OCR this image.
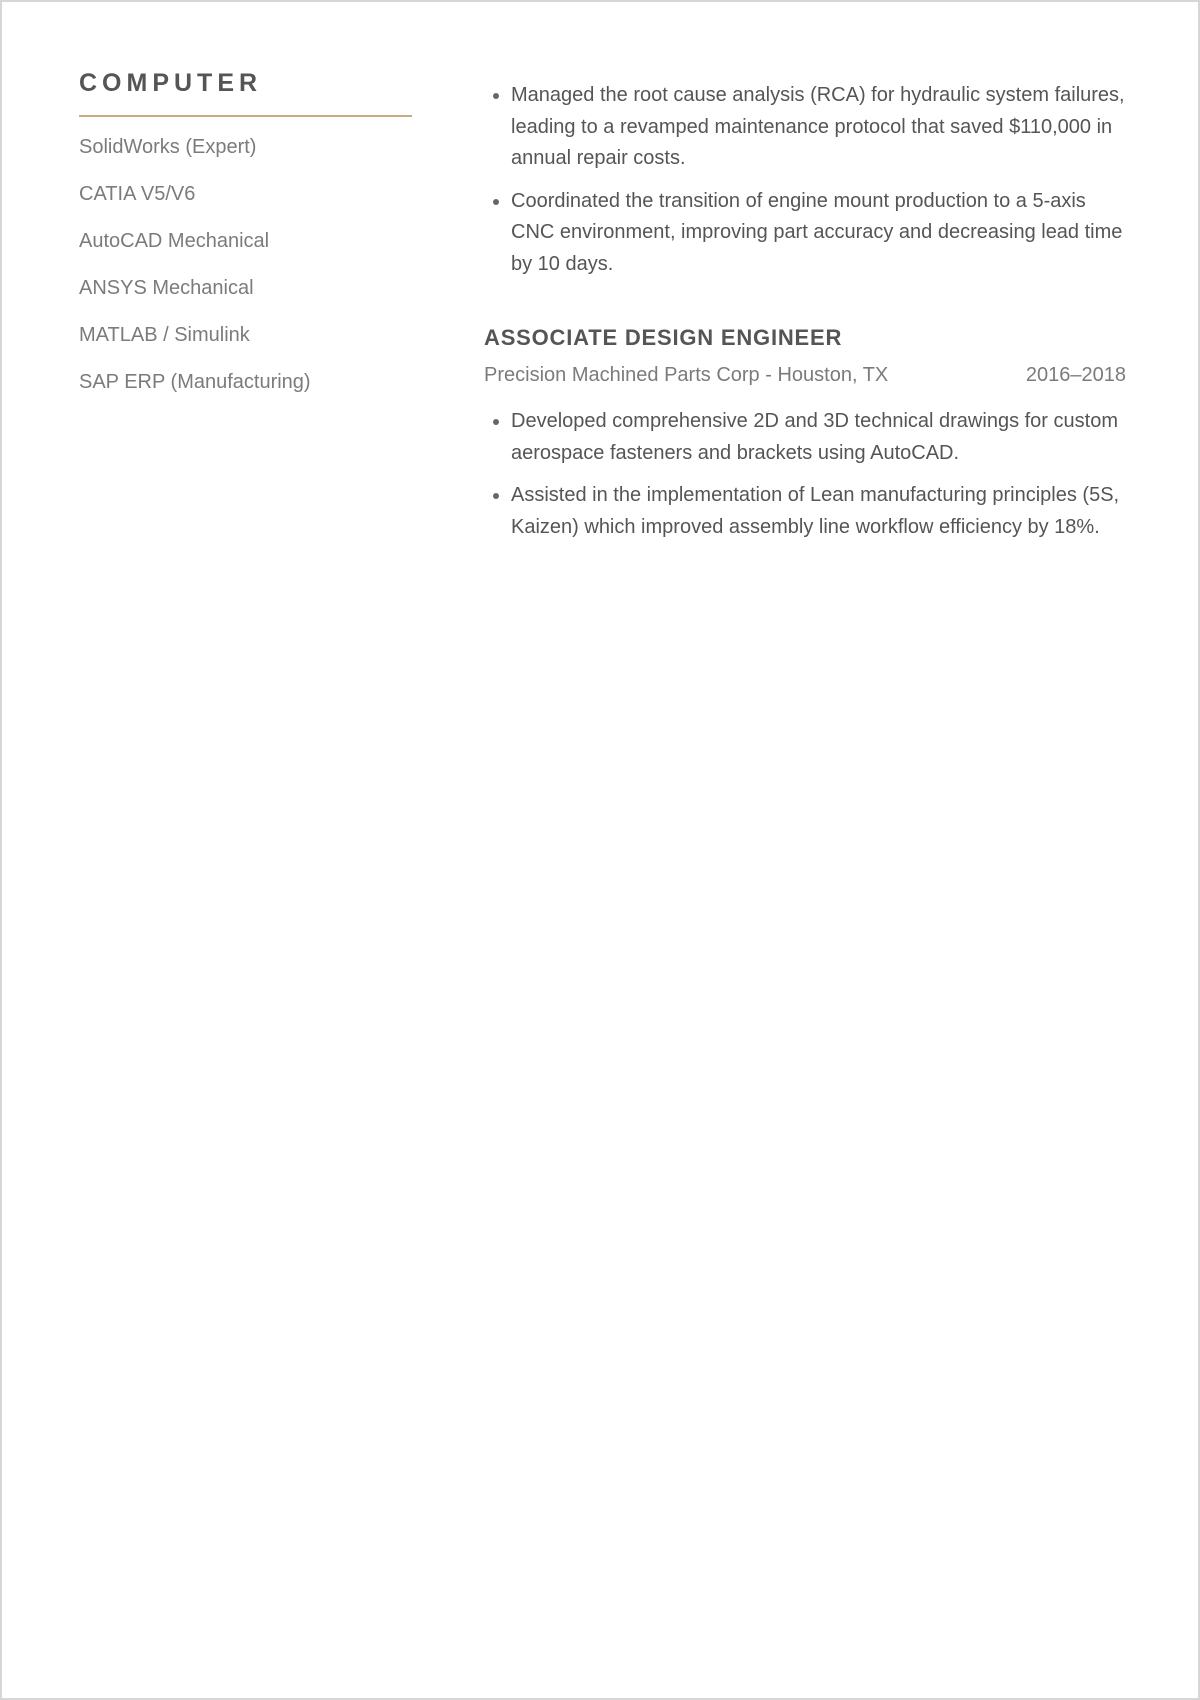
COMPUTER
SolidWorks (Expert)
CATIA V5/V6
AutoCAD Mechanical
ANSYS Mechanical
MATLAB / Simulink
SAP ERP (Manufacturing)
• Managed the root cause analysis (RCA) for hydraulic system failures, leading to a revamped maintenance protocol that saved $110,000 in annual repair costs.
• Coordinated the transition of engine mount production to a 5-axis CNC environment, improving part accuracy and decreasing lead time by 10 days.
ASSOCIATE DESIGN ENGINEER
Precision Machined Parts Corp - Houston, TX	2016–2018
• Developed comprehensive 2D and 3D technical drawings for custom aerospace fasteners and brackets using AutoCAD.
• Assisted in the implementation of Lean manufacturing principles (5S, Kaizen) which improved assembly line workflow efficiency by 18%.
